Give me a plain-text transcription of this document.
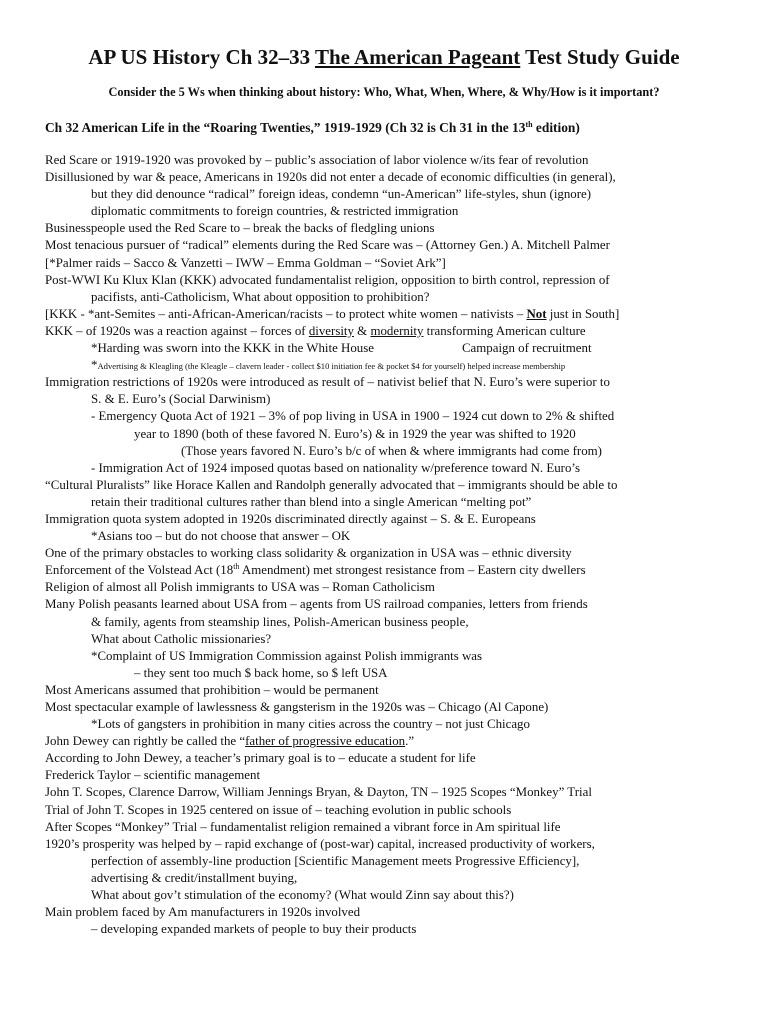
AP US History Ch 32–33 The American Pageant Test Study Guide
Consider the 5 Ws when thinking about history: Who, What, When, Where, & Why/How is it important?
Ch 32 American Life in the “Roaring Twenties,” 1919-1929 (Ch 32 is Ch 31 in the 13th edition)
Red Scare or 1919-1920 was provoked by – public’s association of labor violence w/its fear of revolution
Disillusioned by war & peace, Americans in 1920s did not enter a decade of economic difficulties (in general),
but they did denounce “radical” foreign ideas, condemn “un-American” life-styles, shun (ignore)
diplomatic commitments to foreign countries, & restricted immigration
Businesspeople used the Red Scare to – break the backs of fledgling unions
Most tenacious pursuer of “radical” elements during the Red Scare was – (Attorney Gen.) A. Mitchell Palmer
[*Palmer raids – Sacco & Vanzetti – IWW – Emma Goldman – “Soviet Ark”]
Post-WWI Ku Klux Klan (KKK) advocated fundamentalist religion, opposition to birth control, repression of
pacifists, anti-Catholicism, What about opposition to prohibition?
[KKK - *ant-Semites – anti-African-American/racists – to protect white women – nativists – Not just in South]
KKK – of 1920s was a reaction against – forces of diversity & modernity transforming American culture
*Harding was sworn into the KKK in the White House	Campaign of recruitment
*Advertising & Kleagling (the Kleagle – clavern leader - collect $10 initiation fee & pocket $4 for yourself) helped increase membership
Immigration restrictions of 1920s were introduced as result of – nativist belief that N. Euro’s were superior to
S. & E. Euro’s (Social Darwinism)
- Emergency Quota Act of 1921 – 3% of pop living in USA in 1900 – 1924 cut down to 2% & shifted
year to 1890 (both of these favored N. Euro’s) & in 1929 the year was shifted to 1920
(Those years favored N. Euro’s b/c of when & where immigrants had come from)
- Immigration Act of 1924 imposed quotas based on nationality w/preference toward N. Euro’s
“Cultural Pluralists” like Horace Kallen and Randolph generally advocated that – immigrants should be able to
retain their traditional cultures rather than blend into a single American “melting pot”
Immigration quota system adopted in 1920s discriminated directly against – S. & E. Europeans
*Asians too – but do not choose that answer – OK
One of the primary obstacles to working class solidarity & organization in USA was – ethnic diversity
Enforcement of the Volstead Act (18th Amendment) met strongest resistance from – Eastern city dwellers
Religion of almost all Polish immigrants to USA was – Roman Catholicism
Many Polish peasants learned about USA from – agents from US railroad companies, letters from friends
& family, agents from steamship lines, Polish-American business people,
What about Catholic missionaries?
*Complaint of US Immigration Commission against Polish immigrants was
– they sent too much $ back home, so $ left USA
Most Americans assumed that prohibition – would be permanent
Most spectacular example of lawlessness & gangsterism in the 1920s was – Chicago (Al Capone)
*Lots of gangsters in prohibition in many cities across the country – not just Chicago
John Dewey can rightly be called the “father of progressive education.”
According to John Dewey, a teacher’s primary goal is to – educate a student for life
Frederick Taylor – scientific management
John T. Scopes, Clarence Darrow, William Jennings Bryan, & Dayton, TN – 1925 Scopes “Monkey” Trial
Trial of John T. Scopes in 1925 centered on issue of – teaching evolution in public schools
After Scopes “Monkey” Trial – fundamentalist religion remained a vibrant force in Am spiritual life
1920’s prosperity was helped by – rapid exchange of (post-war) capital, increased productivity of workers,
perfection of assembly-line production [Scientific Management meets Progressive Efficiency],
advertising & credit/installment buying,
What about gov’t stimulation of the economy? (What would Zinn say about this?)
Main problem faced by Am manufacturers in 1920s involved
– developing expanded markets of people to buy their products
